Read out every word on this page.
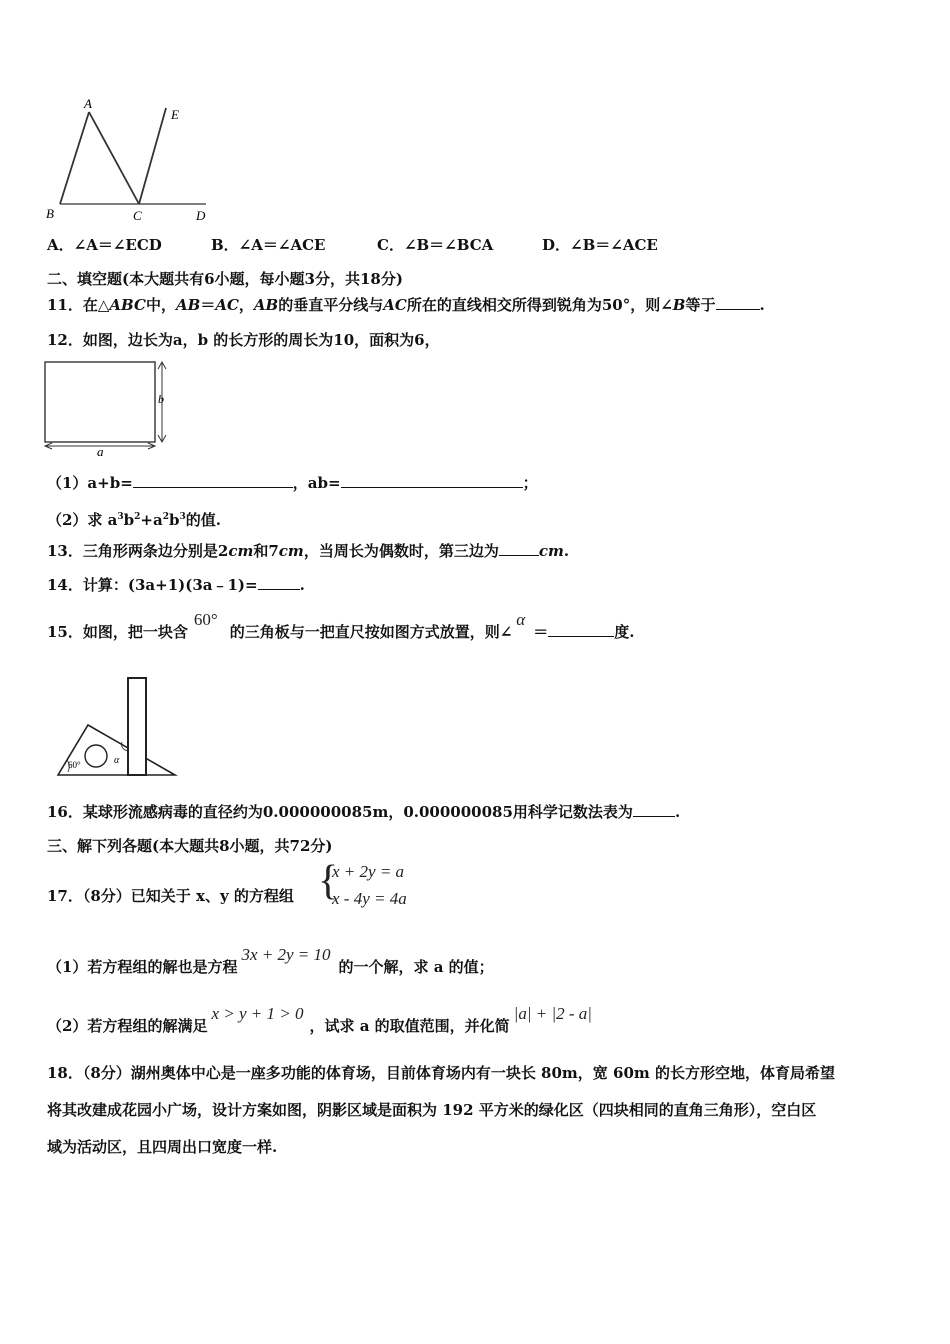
A
E
B	C	D
A．∠A＝∠ECD	B．∠A＝∠ACE	C．∠B＝∠BCA	D．∠B＝∠ACE
二、填空题(本大题共有6小题，每小题3分，共18分)
11．在△ABC中，AB＝AC，AB的垂直平分线与AC所在的直线相交所得到锐角为50°，则∠B等于	.
12．如图，边长为a，b 的长方形的周长为10，面积为6，
b
a
（1）a+b=	，ab=	；
（2）求 $a^3b^2+a^2b^3$的值.
13．三角形两条边分别是2cm和7cm，当周长为偶数时，第三边为	cm.
14．计算：(3a+1)(3a﹣1)=	.
15．如图，把一块含60°的三角板与一把直尺按如图方式放置，则∠α＝	度.
60°	α
16．某球形流感病毒的直径约为0.000000085m，0.000000085用科学记数法表为	.
三、解下列各题(本大题共8小题，共72分)
17．（8分）已知关于 x、y 的方程组 {
x + 2y = a
x - 4y = 4a
（1）若方程组的解也是方程3x + 2y = 10的一个解，求 a 的值；
（2）若方程组的解满足x > y + 1 > 0，试求 a 的取值范围，并化简|a| + |2 - a|
18．（8分）湖州奥体中心是一座多功能的体育场，目前体育场内有一块长 80m，宽 60m 的长方形空地，体育局希望
将其改建成花园小广场，设计方案如图，阴影区域是面积为 192 平方米的绿化区（四块相同的直角三角形），空白区
域为活动区，且四周出口宽度一样.
